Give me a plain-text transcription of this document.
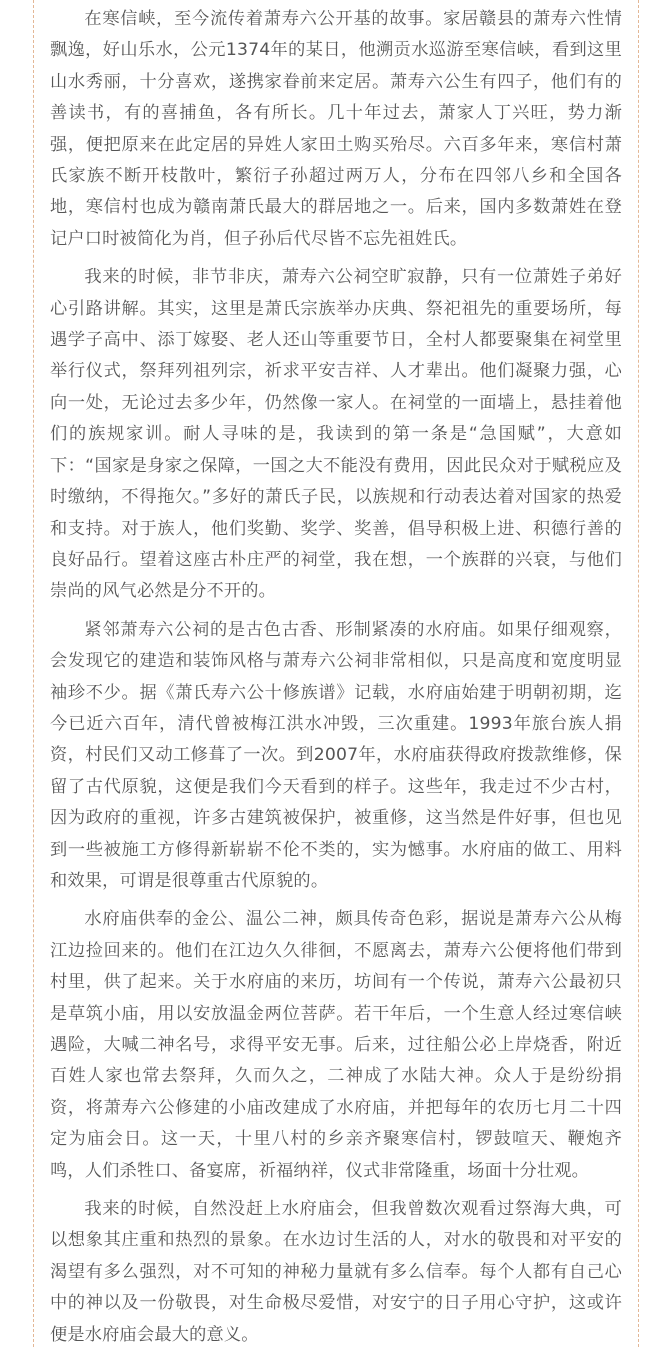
在寒信峡，至今流传着萧寿六公开基的故事。家居赣县的萧寿六性情飘逸，好山乐水，公元1374年的某日，他溯贡水巡游至寒信峡，看到这里山水秀丽，十分喜欢，遂携家眷前来定居。萧寿六公生有四子，他们有的善读书，有的喜捕鱼，各有所长。几十年过去，萧家人丁兴旺，势力渐强，便把原来在此定居的异姓人家田土购买殆尽。六百多年来，寒信村萧氏家族不断开枝散叶，繁衍子孙超过两万人，分布在四邻八乡和全国各地，寒信村也成为赣南萧氏最大的群居地之一。后来，国内多数萧姓在登记户口时被简化为肖，但子孙后代尽皆不忘先祖姓氏。

我来的时候，非节非庆，萧寿六公祠空旷寂静，只有一位萧姓子弟好心引路讲解。其实，这里是萧氏宗族举办庆典、祭祀祖先的重要场所，每遇学子高中、添丁嫁娶、老人还山等重要节日，全村人都要聚集在祠堂里举行仪式，祭拜列祖列宗，祈求平安吉祥、人才辈出。他们凝聚力强，心向一处，无论过去多少年，仍然像一家人。在祠堂的一面墙上，悬挂着他们的族规家训。耐人寻味的是，我读到的第一条是“急国赋”，大意如下：“国家是身家之保障，一国之大不能没有费用，因此民众对于赋税应及时缴纳，不得拖欠。”多好的萧氏子民，以族规和行动表达着对国家的热爱和支持。对于族人，他们奖勤、奖学、奖善，倡导积极上进、积德行善的良好品行。望着这座古朴庄严的祠堂，我在想，一个族群的兴衰，与他们崇尚的风气必然是分不开的。

紧邻萧寿六公祠的是古色古香、形制紧凑的水府庙。如果仔细观察，会发现它的建造和装饰风格与萧寿六公祠非常相似，只是高度和宽度明显袖珍不少。据《萧氏寿六公十修族谱》记载，水府庙始建于明朝初期，迄今已近六百年，清代曾被梅江洪水冲毁，三次重建。1993年旅台族人捐资，村民们又动工修葺了一次。到2007年，水府庙获得政府拨款维修，保留了古代原貌，这便是我们今天看到的样子。这些年，我走过不少古村，因为政府的重视，许多古建筑被保护，被重修，这当然是件好事，但也见到一些被施工方修得新崭崭不伦不类的，实为憾事。水府庙的做工、用料和效果，可谓是很尊重古代原貌的。

水府庙供奉的金公、温公二神，颇具传奇色彩，据说是萧寿六公从梅江边捡回来的。他们在江边久久徘徊，不愿离去，萧寿六公便将他们带到村里，供了起来。关于水府庙的来历，坊间有一个传说，萧寿六公最初只是草筑小庙，用以安放温金两位菩萨。若干年后，一个生意人经过寒信峡遇险，大喊二神名号，求得平安无事。后来，过往船公必上岸烧香，附近百姓人家也常去祭拜，久而久之，二神成了水陆大神。众人于是纷纷捐资，将萧寿六公修建的小庙改建成了水府庙，并把每年的农历七月二十四定为庙会日。这一天，十里八村的乡亲齐聚寒信村，锣鼓喧天、鞭炮齐鸣，人们杀牲口、备宴席，祈福纳祥，仪式非常隆重，场面十分壮观。

我来的时候，自然没赶上水府庙会，但我曾数次观看过祭海大典，可以想象其庄重和热烈的景象。在水边讨生活的人，对水的敬畏和对平安的渴望有多么强烈，对不可知的神秘力量就有多么信奉。每个人都有自己心中的神以及一份敬畏，对生命极尽爱惜，对安宁的日子用心守护，这或许便是水府庙会最大的意义。
